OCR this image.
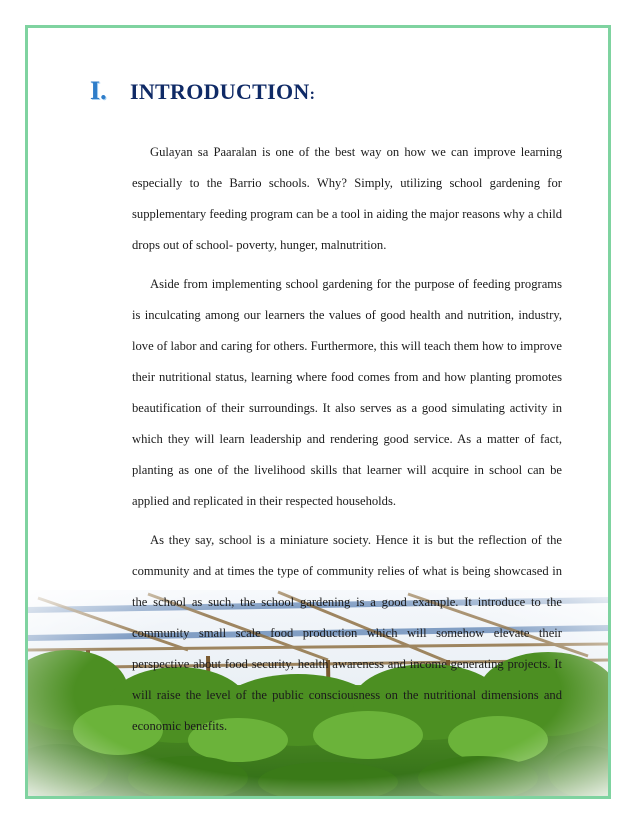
I.	INTRODUCTION:

Gulayan sa Paaralan is one of the best way on how we can improve learning especially to the Barrio schools. Why? Simply, utilizing school gardening for supplementary feeding program can be a tool in aiding the major reasons why a child drops out of school- poverty, hunger, malnutrition.

Aside from implementing school gardening for the purpose of feeding programs is inculcating among our learners the values of good health and nutrition, industry, love of labor and caring for others. Furthermore, this will teach them how to improve their nutritional status, learning where food comes from and how planting promotes beautification of their surroundings. It also serves as a good simulating activity in which they will learn leadership and rendering good service. As a matter of fact, planting as one of the livelihood skills that learner will acquire in school can be applied and replicated in their respected households.

As they say, school is a miniature society. Hence it is but the reflection of the community and at times the type of community relies of what is being showcased in the school as such, the school gardening is a good example. It introduce to the community small scale food production which will somehow elevate their perspective about food security, health awareness and income generating projects. It will raise the level of the public consciousness on the nutritional dimensions and economic benefits.
